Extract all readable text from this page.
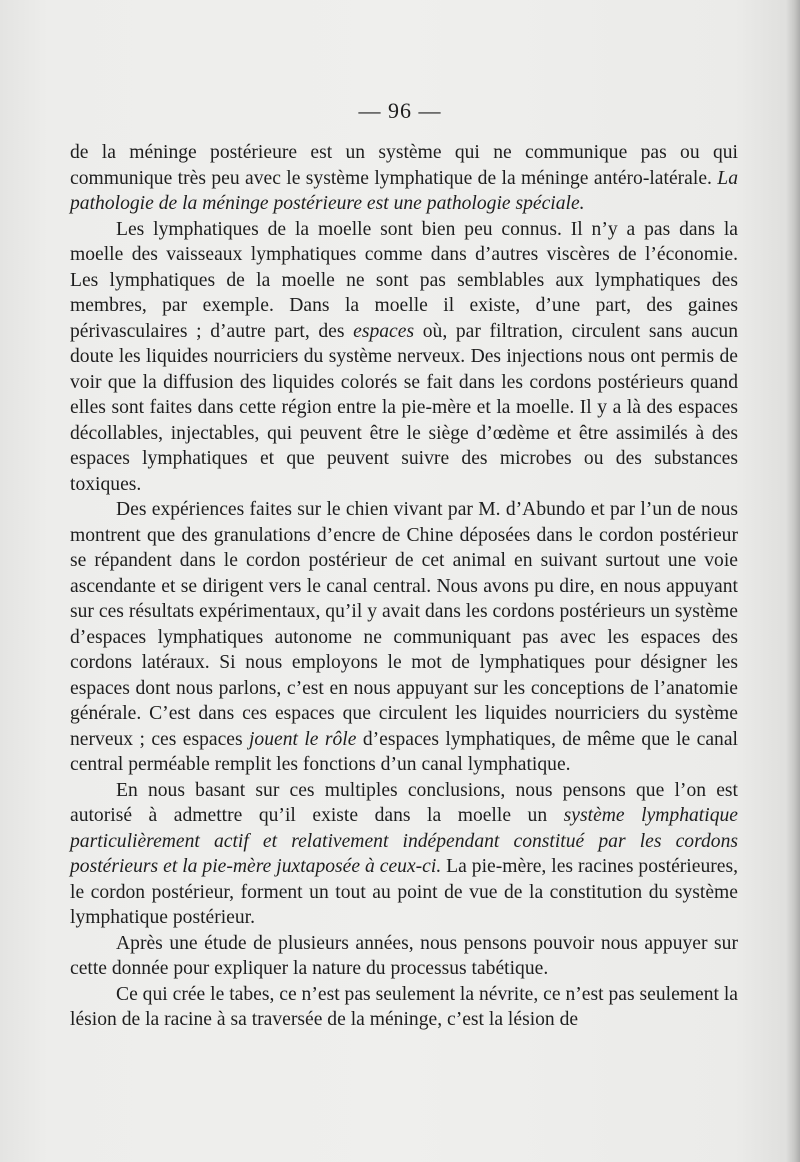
— 96 —

de la méninge postérieure est un système qui ne communique pas ou qui communique très peu avec le système lymphatique de la méninge antéro-latérale. La pathologie de la méninge postérieure est une pathologie spéciale.

Les lymphatiques de la moelle sont bien peu connus. Il n’y a pas dans la moelle des vaisseaux lymphatiques comme dans d’autres viscères de l’économie. Les lymphatiques de la moelle ne sont pas semblables aux lymphatiques des membres, par exemple. Dans la moelle il existe, d’une part, des gaines périvasculaires ; d’autre part, des espaces où, par filtration, circulent sans aucun doute les liquides nourriciers du système nerveux. Des injections nous ont permis de voir que la diffusion des liquides colorés se fait dans les cordons postérieurs quand elles sont faites dans cette région entre la pie-mère et la moelle. Il y a là des espaces décollables, injectables, qui peuvent être le siège d’œdème et être assimilés à des espaces lymphatiques et que peuvent suivre des microbes ou des substances toxiques.

Des expériences faites sur le chien vivant par M. d’Abundo et par l’un de nous montrent que des granulations d’encre de Chine déposées dans le cordon postérieur se répandent dans le cordon postérieur de cet animal en suivant surtout une voie ascendante et se dirigent vers le canal central. Nous avons pu dire, en nous appuyant sur ces résultats expérimentaux, qu’il y avait dans les cordons postérieurs un système d’espaces lymphatiques autonome ne communiquant pas avec les espaces des cordons latéraux. Si nous employons le mot de lymphatiques pour désigner les espaces dont nous parlons, c’est en nous appuyant sur les conceptions de l’anatomie générale. C’est dans ces espaces que circulent les liquides nourriciers du système nerveux ; ces espaces jouent le rôle d’espaces lymphatiques, de même que le canal central perméable remplit les fonctions d’un canal lymphatique.

En nous basant sur ces multiples conclusions, nous pensons que l’on est autorisé à admettre qu’il existe dans la moelle un système lymphatique particulièrement actif et relativement indépendant constitué par les cordons postérieurs et la pie-mère juxtaposée à ceux-ci. La pie-mère, les racines postérieures, le cordon postérieur, forment un tout au point de vue de la constitution du système lymphatique postérieur.

Après une étude de plusieurs années, nous pensons pouvoir nous appuyer sur cette donnée pour expliquer la nature du processus tabétique.

Ce qui crée le tabes, ce n’est pas seulement la névrite, ce n’est pas seulement la lésion de la racine à sa traversée de la méninge, c’est la lésion de
